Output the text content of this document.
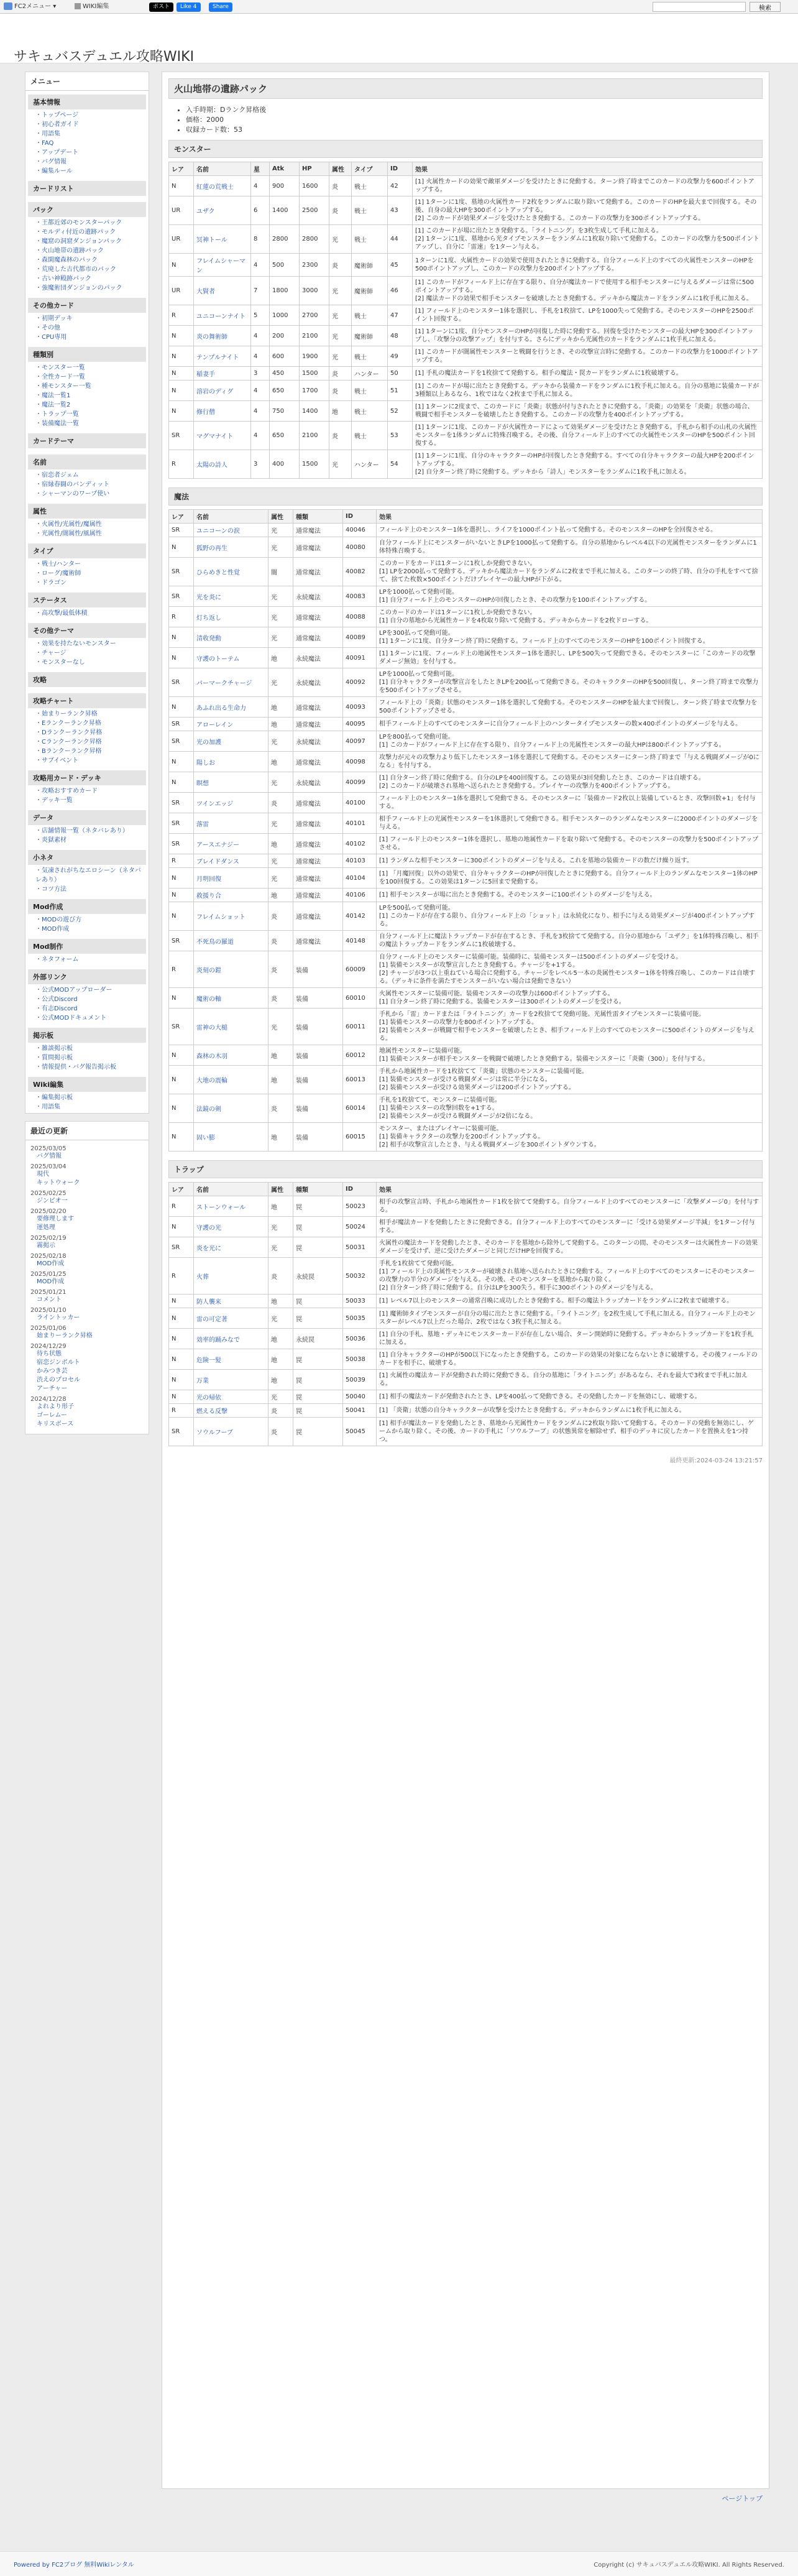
FC2メニュー ▾	WIKI編集	ポスト	Like 4	Share	検索
サキュバスデュエル攻略WIKI
メニュー
基本情報
・ トップページ
・ 初心者ガイド
・ 用語集
・ FAQ
・ アップデート
・ バグ情報
・ 編集ルール
カードリスト
パック
・ 王都近郊のモンスターパック
・ モルディ付近の遺跡パック
・ 魔窟の洞窟ダンジョンパック
・ 火山地帯の遺跡パック
・ 森閑魔森林のパック
・ 荒廃した古代都市のパック
・ 古い神殿跡パック
・ 強魔術団ダンジョンのパック
その他カード
・ 初期デッキ
・ その他
・ CPU専用
種類別
・ モンスター一覧
・ 全性カード一覧
・ 種モンスター一覧
・ 魔法一覧1
・ 魔法一覧2
・ トラップ一覧
・ 装備魔法一覧
カードテーマ
名前
・ 宿恋者ジェム
・ 宿縁春闘のバンディット
・ シャーマンのワープ使い
属性
・ 火属性/光属性/魔属性
・ 光属性/闇属性/風属性
タイプ
・ 戦士/ハンター
・ ローグ/魔術師
・ ドラゴン
ステータス
・ 高攻撃/最低体積
その他テーマ
・ 効果を持たないモンスター
・ チャージ
・ モンスターなし
攻略
攻略チャート
・ 始まりーランク昇格
・ Eランクーランク昇格
・ Dランクーランク昇格
・ Cランクーランク昇格
・ Bランクーランク昇格
・ サブイベント
攻略用カード・デッキ
・ 攻略おすすめカード
・ デッキ一覧
データ
・ 店舗情報一覧（ネタバレあり）
・ 炎獄素材
小ネタ
・ 気凍されがちなエロシーン（ネタバレあり）
・ コツ方法
Mod作成
・ MODの遊び方
・ MOD作成
Mod制作
・ ネタフォーム
外部リンク
・ 公式MODアップローダー
・ 公式Discord
・ 有志Discord
・ 公式MODドキュメント
掲示板
・ 雑談掲示板
・ 質問掲示板
・ 情報提供・バグ報告掲示板
Wiki編集
・ 編集掲示板
・ 用語集
最近の更新
2025/03/05
バグ情報
2025/03/04
現代
キットウォーク
2025/02/25
ジンピオ一
2025/02/20
要修理します
運処理
2025/02/19
霧掲示
2025/02/18
MOD作成
2025/01/25
MOD作成
2025/01/21
コメント
2025/01/10
ライントッカー
2025/01/06
始まりーランク昇格
2024/12/29
待ち状態
宿恋ジンボルト
かみつき芸
渋えのプロセル
アーチャー
2024/12/28
よれより形子
ゴーレムー
キリスボース
火山地帯の遺跡パック
• 入手時期：Dランク昇格後
• 価格：2000
• 収録カード数：53
モンスター
レア	名前	星	Atk	HP	属性	タイプ	ID	効果
N	紅蓮の荒戦士	4	900	1600	炎	戦士	42	[1] 火属性カードの効果で敵軍ダメージを受けたときに発動する。ターン終了時までこのカードの攻撃力を600ポイントアップする。
UR	ユザク	6	1400	2500	炎	戦士	43	[1] 1ターンに1度、墓地の火属性カード2枚をランダムに取り除いて発動する。このカードのHPを最大まで回復する。その後、自身の最大HPを300ポイントアップする。
[2] このカードが効果ダメージを受けたとき発動する。このカードの攻撃力を300ポイントアップする。
UR	冥神トール	8	2800	2800	光	戦士	44	[1] このカードが場に出たとき発動する。「ライトニング」を3枚生成して手札に加える。
[2] 1ターンに1度、墓地から光タイプモンスターをランダムに1枚取り除いて発動する。このカードの攻撃力を500ポイントアップし、自分に「雷速」を1ターン与える。
N	フレイムシャーマン	4	500	2300	炎	魔術師	45	1ターンに1度、火属性カードの効果で使用されたときに発動する。自分フィールド上のすべての火属性モンスターのHPを500ポイントアップし、このカードの攻撃力を200ポイントアップする。
UR	大賢者	7	1800	3000	光	魔術師	46	[1] このカードがフィールド上に存在する限り、自分が魔法カードで使用する相手モンスターに与えるダメージは常に500ポイントアップする。
[2] 魔法カードの効果で相手モンスターを破壊したとき発動する。デッキから魔法カードをランダムに1枚手札に加える。
R	ユニコーンナイト	5	1000	2700	光	戦士	47	[1] フィールド上のモンスター1体を選択し、手札を1枚捨て、LPを1000失って発動する。そのモンスターのHPを2500ポイント回復する。
N	炎の舞術師	4	200	2100	光	魔術師	48	[1] 1ターンに1度、自分モンスターのHPが回復した時に発動する。回復を受けたモンスターの最大HPを300ポイントアップし、「攻撃分の攻撃アップ」を付与する。さらにデッキから光属性のカードをランダムに1枚手札に加える。
N	テンプルナイト	4	600	1900	光	戦士	49	[1] このカードが闇属性モンスターと戦闘を行うとき、その攻撃宣言時に発動する。このカードの攻撃力を1000ポイントアップする。
N	稲妻手	3	450	1500	炎	ハンター	50	[1] 手札の魔法カードを1枚捨てて発動する。相手の魔法・罠カードをランダムに1枚破壊する。
N	溶岩のディグ	4	650	1700	炎	戦士	51	[1] このカードが場に出たとき発動する。デッキから装備カードをランダムに1枚手札に加える。自分の墓地に装備カードが3種類以上あるなら、1枚ではなく2枚まで手札に加える。
N	修行僧	4	750	1400	地	戦士	52	[1] 1ターンに2度まで、このカードに「炎衛」状態が付与されたときに発動する。「炎衛」の効果を「炎衛」状態の場合、戦闘で相手モンスターを破壊したとき発動する。このカードの攻撃力を400ポイントアップする。
SR	マグマナイト	4	650	2100	炎	戦士	53	[1] 1ターンに1度、このカードが火属性カードによって効果ダメージを受けたとき発動する。手札から相手の山札の火属性モンスターを1体ランダムに特殊召喚する。その後、自分フィールド上のすべての火属性モンスターのHPを500ポイント回復する。
R	太陽の詩人	3	400	1500	光	ハンター	54	[1] 1ターンに1度、自分のキャラクターのHPが回復したとき発動する。すべての自分キャラクターの最大HPを200ポイントアップする。
[2] 自分ターン終了時に発動する。デッキから「詩人」モンスターをランダムに1枚手札に加える。
魔法
レア	名前	属性	種類	ID	効果
SR	ユニコーンの涙	光	通常魔法	40046	フィールド上のモンスター1体を選択し、ライフを1000ポイント払って発動する。そのモンスターのHPを全回復させる。
N	狐野の再生	光	通常魔法	40080	自分フィールド上にモンスターがいないときLPを1000払って発動する。自分の墓地からレベル4以下の光属性モンスターをランダムに1体特殊召喚する。
SR	ひらめきと性覚	闇	通常魔法	40082	このカードをカードは1ターンに1枚しか発動できない。
[1] LPを2000払って発動する。デッキから魔法カードをランダムに2枚まで手札に加える。このターンの終了時、自分の手札をすべて捨て、捨てた枚数×500ポイントだけプレイヤーの最大HPが下がる。
SR	光を炎に	光	永続魔法	40083	LPを1000払って発動可能。
[1] 自分フィールド上のモンスターのHPが回復したとき、その攻撃力を100ポイントアップする。
R	灯ち返し	光	通常魔法	40088	このカードのカードは1ターンに1枚しか発動できない。
[1] 自分の墓地から光属性カードを4枚取り除いて発動する。デッキからカードを2枚ドローする。
N	清收発動	光	通常魔法	40089	LPを300払って発動可能。
[1] 1ターンに1度、自分ターン終了時に発動する。フィールド上のすべてのモンスターのHPを100ポイント回復する。
N	守護のトーテム	地	永続魔法	40091	[1] 1ターンに1度、フィールド上の地属性モンスター1体を選択し、LPを500失って発動できる。そのモンスターに「このカードの攻撃ダメージ無効」を付与する。
SR	パーマークチャージ	光	永続魔法	40092	LPを1000払って発動可能。
[1] 自分キャラクターが攻撃宣言をしたときLPを200払って発動できる。そのキャラクターのHPを500回復し、ターン終了時まで攻撃力を500ポイントアップさせる。
N	あふれ出る生命力	地	通常魔法	40093	フィールド上の「炎衛」状態のモンスター1体を選択して発動する。そのモンスターのHPを最大まで回復し、ターン終了時まで攻撃力を500ポイントアップさせる。
SR	アローレイン	地	通常魔法	40095	相手フィールド上のすべてのモンスターに自分フィールド上のハンタータイプモンスターの数×400ポイントのダメージを与える。
SR	光の加護	光	永続魔法	40097	LPを800払って発動可能。
[1] このカードがフィールド上に存在する限り、自分フィールド上の光属性モンスターの最大HPは800ポイントアップする。
N	陽しお	地	通常魔法	40098	攻撃力が元々の攻撃力より低下したモンスター1体を選択して発動する。そのモンスターにターン終了時まで「与える戦闘ダメージが0になる」を付与する。
N	瞑想	光	永続魔法	40099	[1] 自分ターン終了時に発動する。自分のLPを400回復する。この効果が3回発動したとき、このカードは自壊する。
[2] このカードが破壊され墓地へ送られたとき発動する。プレイヤーの攻撃力を400ポイントアップする。
SR	ツインエッジ	炎	通常魔法	40100	フィールド上のモンスター1体を選択して発動できる。そのモンスターに「装備カード2枚以上装備しているとき、攻撃回数+1」を付与する。
SR	落雷	光	通常魔法	40101	相手フィールド上の光属性モンスターを1体選択して発動できる。相手モンスターのランダムなモンスターに2000ポイントのダメージを与える。
SR	アースエナジー	地	通常魔法	40102	[1] フィールド上のモンスター1体を選択し、墓地の地属性カードを取り除いて発動する。そのモンスターの攻撃力を500ポイントアップさせる。
R	ブレイドダンス	光	通常魔法	40103	[1] ランダムな相手モンスターに300ポイントのダメージを与える。これを墓地の装備カードの数だけ繰り返す。
N	月明回復	光	通常魔法	40104	[1] 「月魔回復」以外の効果で、自分キャラクターのHPが回復したときに発動する。自分フィールド上のランダムなモンスター1体のHPを100回復する。この効果は1ターンに5回まで発動する。
N	救援り合	地	通常魔法	40106	[1] 相手モンスターが場に出たとき発動する。そのモンスターに100ポイントのダメージを与える。
N	フレイムショット	炎	通常魔法	40142	LPを500払って発動可能。
[1] このカードが存在する限り、自分フィールド上の「ショット」は永続化になり、相手に与える効果ダメージが400ポイントアップする。
SR	不死鳥の羅道	炎	通常魔法	40148	自分フィールド上に魔法トラップカードが存在するとき、手札を3枚捨てて発動する。自分の墓地から「ユザク」を1体特殊召喚し、相手の魔法トラップカードをランダムに1枚破壊する。
R	炎刻の鎧	炎	装備	60009	自分フィールド上のモンスターに装備可能。装備時に、装備モンスターは500ポイントのダメージを受ける。
[1] 装備モンスターが攻撃宣言したとき発動する。チャージを+1する。
[2] チャージが3つ以上重ねている場合に発動する。チャージをレベル5一本の炎属性モンスター1体を特殊召喚し、このカードは自壊する。（デッキに条件を満たすモンスターがいない場合は発動できない）
N	魔術の軸	炎	装備	60010	火属性モンスターに装備可能。装備モンスターの攻撃力は600ポイントアップする。
[1] 自分ターン終了時に発動する。装備モンスターは300ポイントのダメージを受ける。
SR	雷神の大槌	光	装備	60011	手札から「雷」カードまたは「ライトニング」カードを2枚捨てて発動可能。光属性雷タイプモンスターに装備可能。
[1] 装備モンスターの攻撃力を800ポイントアップする。
[2] 装備モンスターが戦闘で相手モンスターを破壊したとき、相手フィールド上のすべてのモンスターに500ポイントのダメージを与える。
N	森林の木羽	地	装備	60012	地属性モンスターに装備可能。
[1] 装備モンスターが相手モンスターを戦闘で破壊したとき発動する。装備モンスターに「炎衛（300）」を付与する。
N	大地の震輪	地	装備	60013	手札から地属性カードを1枚捨てて「炎衛」状態のモンスターに装備可能。
[1] 装備モンスターが受ける戦闘ダメージは常に半分になる。
[2] 装備モンスターが受ける効果ダメージは200ポイントアップする。
N	法鏡の剣	炎	装備	60014	手札を1枚捨てて、モンスターに装備可能。
[1] 装備モンスターの攻撃回数を+1する。
[2] 装備モンスターが受ける戦闘ダメージが2倍になる。
N	固い膨	地	装備	60015	モンスター、またはプレイヤーに装備可能。
[1] 装備キャラクターの攻撃力を200ポイントアップする。
[2] 相手が攻撃宣言したとき、与える戦闘ダメージを300ポイントダウンする。
トラップ
レア	名前	属性	種類	ID	効果
R	ストーンウォール	地	罠	50023	相手の攻撃宣言時、手札から地属性カード1枚を捨てて発動する。自分フィールド上のすべてのモンスターに「攻撃ダメージ0」を付与する。
N	守護の光	光	罠	50024	相手が魔法カードを発動したときに発動できる。自分フィールド上のすべてのモンスターに「受ける効果ダメージ半減」を1ターン付与する。
SR	炎を光に	光	罠	50031	火属性の魔法カードを発動したとき、そのカードを墓地から除外して発動する。このターンの間、そのモンスターは火属性カードの効果ダメージを受けず、逆に受けたダメージと同じだけHPを回復する。
R	火葬	炎	永続罠	50032	手札を1枚捨てて発動可能。
[1] フィールド上の炎属性モンスターが破壊され墓地へ送られたときに発動する。フィールド上のすべてのモンスターにそのモンスターの攻撃力の半分のダメージを与える。その後、そのモンスターを墓地から取り除く。
[2] 自分ターン終了時に発動する。自分はLPを300失う。相手に300ポイントのダメージを与える。
N	防人襲来	地	罠	50033	[1] レベル7以上のモンスターの通常召喚に成功したとき発動する。相手の魔法トラップカードをランダムに2枚まで破壊する。
N	雷の可定著	光	罠	50035	[1] 魔術師タイプモンスターが自分の場に出たときに発動する。「ライトニング」を2枚生成して手札に加える。自分フィールド上のモンスターがレベル7以上だった場合、2枚ではなく3枚手札に加える。
N	効率的踊みなで	地	永続罠	50036	[1] 自分の手札、墓地・デッキにモンスターカードが存在しない場合、ターン開始時に発動する。デッキからトラップカードを1枚手札に加える。
N	危険一髪	地	罠	50038	[1] 自分キャラクターのHPが500以下になったとき発動する。このカードの効果の対象にならないときに破壊する。その後フィールドのカードを相手に、破壊する。
N	万業	地	罠	50039	[1] 火属性の魔法カードが発動された時に発動できる。自分の墓地に「ライトニング」があるなら、それを最大で3枚まで手札に加える。
N	光の帰依	光	罠	50040	[1] 相手の魔法カードが発動されたとき、LPを400払って発動できる。その発動したカードを無効にし、破壊する。
R	燃える反撃	炎	罠	50041	[1] 「炎衛」状態の自分キャラクターが攻撃を受けたとき発動する。デッキからランダムに1枚手札に加える。
SR	ソウルフーブ	炎	罠	50045	[1] 相手が魔法カードを発動したとき、墓地から光属性カードをランダムに2枚取り除いて発動する。そのカードの発動を無効にし、ゲームから取り除く。その後、カードの手札に「ソウルフーブ」の状態異常を解除せず、相手のデッキに戻したカードを置換えを1つ持つ。
最終更新:2024-03-24 13:21:57
ページトップ
Powered by FC2ブログ 無料Wikiレンタル	Copyright (c) サキュバスデュエル攻略WIKI. All Rights Reserved.
